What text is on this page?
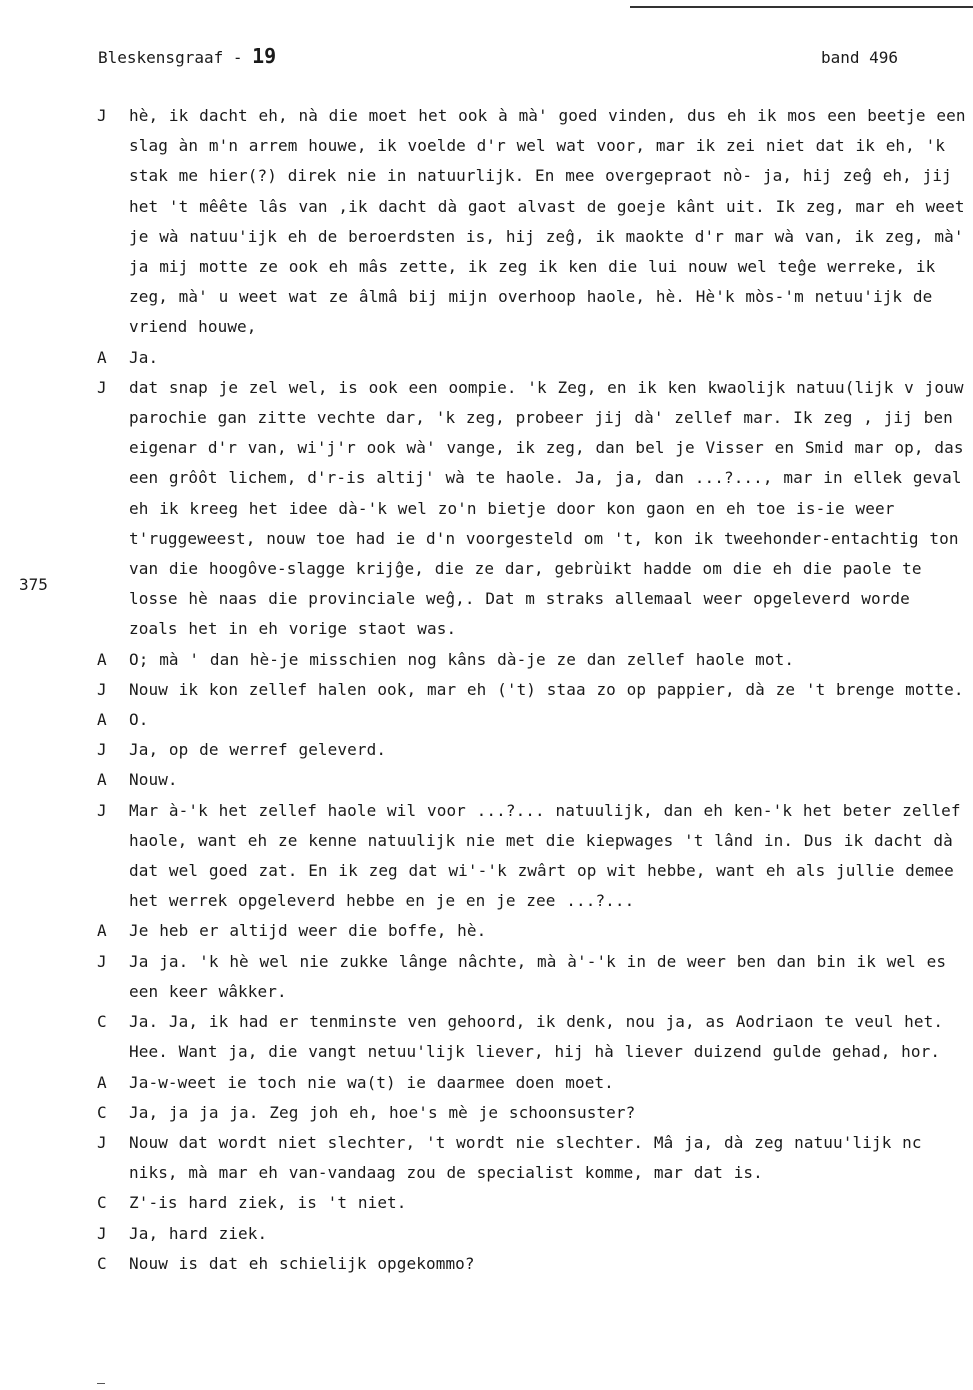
Bleskensgraaf - 19	band 496
375
J	hè, ik dacht eh, nà die moet het ook à mà' goed vinden, dus eh ik mos een beetje een slag àn m'n arrem houwe, ik voelde d'r wel wat voor, mar ik zei niet dat ik eh, 'k stak me hier(?) direk nie in natuurlijk. En mee overgepraot nò- ja, hij zeĝ eh, jij het 't mêête lâs van ,ik dacht dà gaot alvast de goeje kânt uit. Ik zeg, mar eh weet je wà natuu'ijk eh de beroerdsten is, hij zeĝ, ik maokte d'r mar wà van, ik zeg, mà' ja mij motte ze ook eh mâs zette, ik zeg ik ken die lui nouw wel teĝe werreke, ik zeg, mà' u weet wat ze âlmâ bij mijn overhoop haole, hè. Hè'k mòs-'m netuu'ijk de vriend houwe,
A	Ja.
J	dat snap je zel wel, is ook een oompie. 'k Zeg, en ik ken kwaolijk natuu(lijk v jouw parochie gan zitte vechte dar, 'k zeg, probeer jij dà' zellef mar. Ik zeg , jij ben eigenar d'r van, wi'j'r ook wà' vange, ik zeg, dan bel je Visser en Smid mar op, das een grôôt lichem, d'r-is altij' wà te haole. Ja, ja, dan ...?..., mar in ellek geval eh ik kreeg het idee dà-'k wel zo'n bietje door kon gaon en eh toe is-ie weer t'ruggeweest, nouw toe had ie d'n voorgesteld om 't, kon ik tweehonder-entachtig ton van die hoogôve-slagge krijĝe, die ze dar, gebrùikt hadde om die eh die paole te losse hè naas die provinciale weĝ,. Dat m straks allemaal weer opgeleverd worde zoals het in eh vorige staot was.
A	O; mà ' dan hè-je misschien nog kâns dà-je ze dan zellef haole mot.
J	Nouw ik kon zellef halen ook, mar eh ('t) staa zo op pappier, dà ze 't brenge motte.
A	O.
J	Ja, op de werref geleverd.
A	Nouw.
J	Mar à-'k het zellef haole wil voor ...?... natuulijk, dan eh ken-'k het beter zellef haole, want eh ze kenne natuulijk nie met die kiepwages 't lând in. Dus ik dacht dà dat wel goed zat. En ik zeg dat wi'-'k zwârt op wit hebbe, want eh als jullie demee het werrek opgeleverd hebbe en je en je zee ...?...
A	Je heb er altijd weer die boffe, hè.
J	Ja ja. 'k hè wel nie zukke lânge nâchte, mà à'-'k in de weer ben dan bin ik wel es een keer wâkker.
C	Ja. Ja, ik had er tenminste ven gehoord, ik denk, nou ja, as Aodriaon te veul het. Hee. Want ja, die vangt netuu'lijk liever, hij hà liever duizend gulde gehad, hor.
A	Ja-w-weet ie toch nie wa(t) ie daarmee doen moet.
C	Ja, ja ja ja. Zeg joh eh, hoe's mè je schoonsuster?
J	Nouw dat wordt niet slechter, 't wordt nie slechter. Mâ ja, dà zeg natuu'lijk nc niks, mà mar eh van-vandaag zou de specialist komme, mar dat is.
C	Z'-is hard ziek, is 't niet.
J	Ja, hard ziek.
C	Nouw is dat eh schielijk opgekommo?
